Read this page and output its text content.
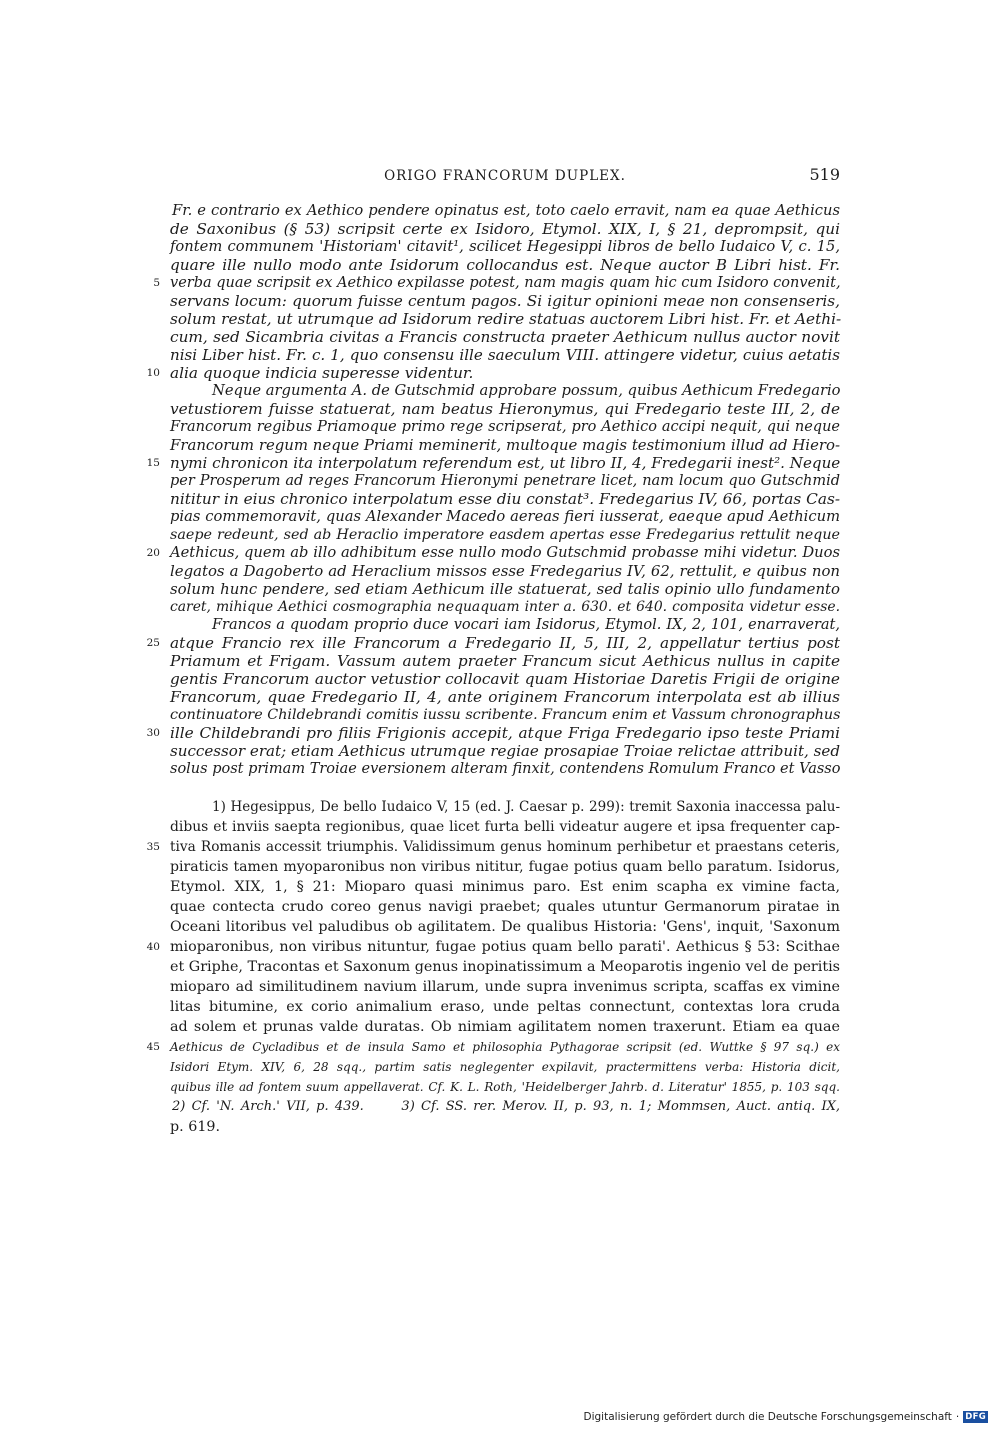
ORIGO FRANCORUM DUPLEX.	519
Fr. e contrario ex Aethico pendere opinatus est, toto caelo erravit, nam ea quae Aethicus
de Saxonibus (§ 53) scripsit certe ex Isidoro, Etymol. XIX, I, § 21, deprompsit, qui
fontem communem 'Historiam' citavit¹, scilicet Hegesippi libros de bello Iudaico V, c. 15,
quare ille nullo modo ante Isidorum collocandus est. Neque auctor B Libri hist. Fr.
verba quae scripsit ex Aethico expilasse potest, nam magis quam hic cum Isidoro convenit,
servans locum: quorum fuisse centum pagos. Si igitur opinioni meae non consenseris,
solum restat, ut utrumque ad Isidorum redire statuas auctorem Libri hist. Fr. et Aethi-
cum, sed Sicambria civitas a Francis constructa praeter Aethicum nullus auctor novit
nisi Liber hist. Fr. c. 1, quo consensu ille saeculum VIII. attingere videtur, cuius aetatis
alia quoque indicia superesse videntur.
Neque argumenta A. de Gutschmid approbare possum, quibus Aethicum Fredegario
vetustiorem fuisse statuerat, nam beatus Hieronymus, qui Fredegario teste III, 2, de
Francorum regibus Priamoque primo rege scripserat, pro Aethico accipi nequit, qui neque
Francorum regum neque Priami meminerit, multoque magis testimonium illud ad Hiero-
nymi chronicon ita interpolatum referendum est, ut libro II, 4, Fredegarii inest². Neque
per Prosperum ad reges Francorum Hieronymi penetrare licet, nam locum quo Gutschmid
nititur in eius chronico interpolatum esse diu constat³. Fredegarius IV, 66, portas Cas-
pias commemoravit, quas Alexander Macedo aereas fieri iusserat, eaeque apud Aethicum
saepe redeunt, sed ab Heraclio imperatore easdem apertas esse Fredegarius rettulit neque
Aethicus, quem ab illo adhibitum esse nullo modo Gutschmid probasse mihi videtur. Duos
legatos a Dagoberto ad Heraclium missos esse Fredegarius IV, 62, rettulit, e quibus non
solum hunc pendere, sed etiam Aethicum ille statuerat, sed talis opinio ullo fundamento
caret, mihique Aethici cosmographia nequaquam inter a. 630. et 640. composita videtur esse.
Francos a quodam proprio duce vocari iam Isidorus, Etymol. IX, 2, 101, enarraverat,
atque Francio rex ille Francorum a Fredegario II, 5, III, 2, appellatur tertius post
Priamum et Frigam. Vassum autem praeter Francum sicut Aethicus nullus in capite
gentis Francorum auctor vetustior collocavit quam Historiae Daretis Frigii de origine
Francorum, quae Fredegario II, 4, ante originem Francorum interpolata est ab illius
continuatore Childebrandi comitis iussu scribente. Francum enim et Vassum chronographus
ille Childebrandi pro filiis Frigionis accepit, atque Friga Fredegario ipso teste Priami
successor erat; etiam Aethicus utrumque regiae prosapiae Troiae relictae attribuit, sed
solus post primam Troiae eversionem alteram finxit, contendens Romulum Franco et Vasso
5
10
15
20
25
30
1) Hegesippus, De bello Iudaico V, 15 (ed. J. Caesar p. 299): tremit Saxonia inaccessa palu-
dibus et inviis saepta regionibus, quae licet furta belli videatur augere et ipsa frequenter cap-
tiva Romanis accessit triumphis. Validissimum genus hominum perhibetur et praestans ceteris,
piraticis tamen myoparonibus non viribus nititur, fugae potius quam bello paratum. Isidorus,
Etymol. XIX, 1, § 21: Mioparo quasi minimus paro. Est enim scapha ex vimine facta,
quae contecta crudo coreo genus navigi praebet; quales utuntur Germanorum piratae in
Oceani litoribus vel paludibus ob agilitatem. De qualibus Historia: 'Gens', inquit, 'Saxonum
mioparonibus, non viribus nituntur, fugae potius quam bello parati'. Aethicus § 53: Scithae
et Griphe, Tracontas et Saxonum genus inopinatissimum a Meoparotis ingenio vel de peritis
mioparo ad similitudinem navium illarum, unde supra invenimus scripta, scaffas ex vimine
litas bitumine, ex corio animalium eraso, unde peltas connectunt, contextas lora cruda
ad solem et prunas valde duratas. Ob nimiam agilitatem nomen traxerunt. Etiam ea quae
Aethicus de Cycladibus et de insula Samo et philosophia Pythagorae scripsit (ed. Wuttke § 97 sq.) ex
Isidori Etym. XIV, 6, 28 sqq., partim satis neglegenter expilavit, practermittens verba: Historia dicit,
quibus ille ad fontem suum appellaverat. Cf. K. L. Roth, 'Heidelberger Jahrb. d. Literatur' 1855, p. 103 sqq.
2) Cf. 'N. Arch.' VII, p. 439.      3) Cf. SS. rer. Merov. II, p. 93, n. 1; Mommsen, Auct. antiq. IX,
p. 619.
35
40
45
Digitalisierung gefördert durch die Deutsche Forschungsgemeinschaft · DFG
